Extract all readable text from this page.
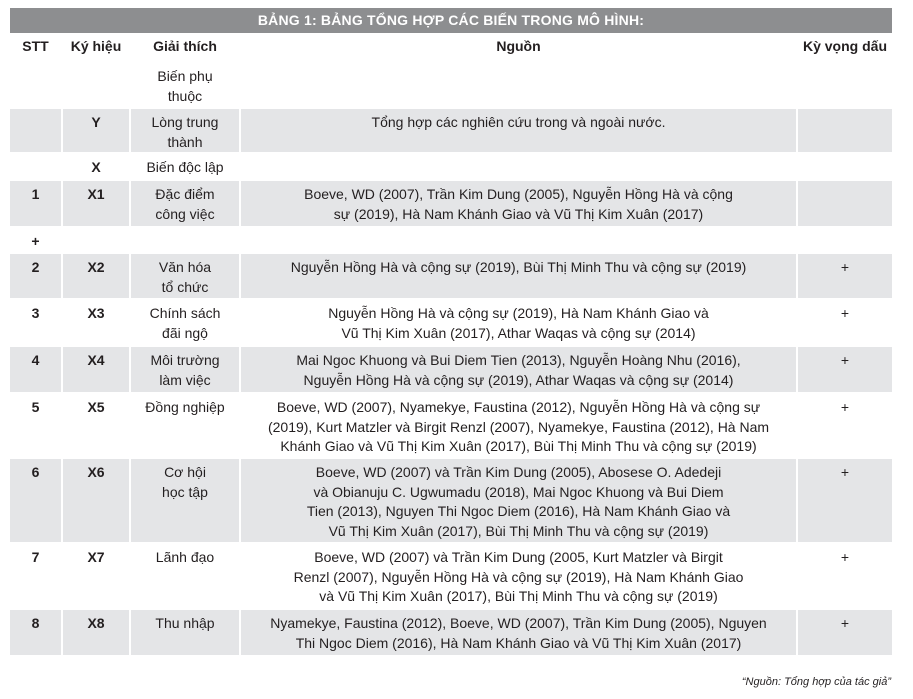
BẢNG 1: BẢNG TỔNG HỢP CÁC BIẾN TRONG MÔ HÌNH:
STT	Ký hiệu	Giải thích	Nguồn	Kỳ vọng dấu

		Biến phụ
thuộc		

	Y	Lòng trung
thành	Tổng hợp các nghiên cứu trong và ngoài nước.	

	X	Biến độc lập		

1	X1	Đặc điểm
công việc	Boeve, WD (2007), Trần Kim Dung (2005), Nguyễn Hồng Hà và cộng
sự (2019), Hà Nam Khánh Giao và Vũ Thị Kim Xuân (2017)	

+				

2	X2	Văn hóa
tổ chức	Nguyễn Hồng Hà và cộng sự (2019), Bùi Thị Minh Thu và cộng sự (2019)	+

3	X3	Chính sách
đãi ngộ	Nguyễn Hồng Hà và cộng sự (2019), Hà Nam Khánh Giao và
Vũ Thị Kim Xuân (2017), Athar Waqas và cộng sự (2014)	+

4	X4	Môi trường
làm việc	Mai Ngoc Khuong và Bui Diem Tien (2013), Nguyễn Hoàng Nhu (2016),
Nguyễn Hồng Hà và cộng sự (2019), Athar Waqas và cộng sự (2014)	+

5	X5	Đồng nghiệp	Boeve, WD (2007), Nyamekye, Faustina (2012), Nguyễn Hồng Hà và cộng sự
(2019), Kurt Matzler và Birgit Renzl (2007), Nyamekye, Faustina (2012), Hà Nam
Khánh Giao và Vũ Thị Kim Xuân (2017), Bùi Thị Minh Thu và cộng sự (2019)	+

6	X6	Cơ hội
học tập	Boeve, WD (2007) và Trần Kim Dung (2005), Abosese O. Adedeji
và Obianuju C. Ugwumadu (2018), Mai Ngoc Khuong và Bui Diem
Tien (2013), Nguyen Thi Ngoc Diem (2016), Hà Nam Khánh Giao và
Vũ Thị Kim Xuân (2017), Bùi Thị Minh Thu và cộng sự (2019)	+

7	X7	Lãnh đạo	Boeve, WD (2007) và Trần Kim Dung (2005, Kurt Matzler và Birgit
Renzl (2007), Nguyễn Hồng Hà và cộng sự (2019), Hà Nam Khánh Giao
và Vũ Thị Kim Xuân (2017), Bùi Thị Minh Thu và cộng sự (2019)	+

8	X8	Thu nhập	Nyamekye, Faustina (2012), Boeve, WD (2007), Trần Kim Dung (2005), Nguyen
Thi Ngoc Diem (2016), Hà Nam Khánh Giao và Vũ Thị Kim Xuân (2017)	+
“Nguồn: Tổng hợp của tác giả”
